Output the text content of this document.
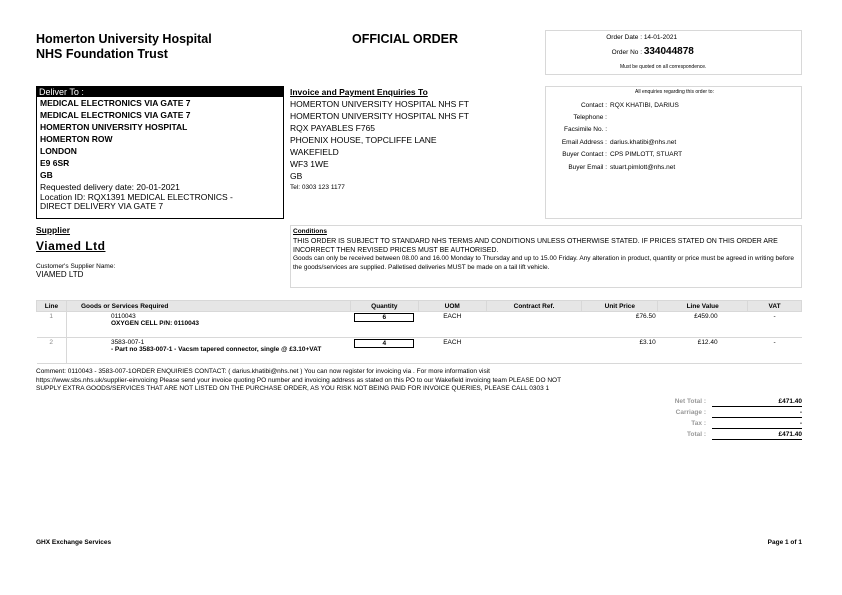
Homerton University Hospital
NHS Foundation Trust
OFFICIAL ORDER	Order Date : 14-01-2021
Order No : 334044878
Must be quoted on all correspondence.
Deliver To :
MEDICAL ELECTRONICS VIA GATE 7
MEDICAL ELECTRONICS VIA GATE 7
HOMERTON UNIVERSITY HOSPITAL
HOMERTON ROW
LONDON
E9 6SR
GB
Requested delivery date: 20-01-2021
Location ID: RQX1391 MEDICAL ELECTRONICS -
DIRECT DELIVERY VIA GATE 7
Invoice and Payment Enquiries To
HOMERTON UNIVERSITY HOSPITAL NHS FT
HOMERTON UNIVERSITY HOSPITAL NHS FT
RQX PAYABLES F765
PHOENIX HOUSE, TOPCLIFFE LANE
WAKEFIELD
WF3 1WE
GB
Tel: 0303 123 1177
All enquiries regarding this order to:
Contact : RQX KHATIBI, DARIUS
Telephone :
Facsimile No. :
Email Address : darius.khatibi@nhs.net
Buyer Contact : CPS PIMLOTT, STUART
Buyer Email : stuart.pimlott@nhs.net
Supplier
Viamed Ltd
Customer's Supplier Name:
VIAMED LTD
Conditions
THIS ORDER IS SUBJECT TO STANDARD NHS TERMS AND CONDITIONS UNLESS OTHERWISE STATED. IF PRICES STATED ON THIS ORDER ARE INCORRECT THEN REVISED PRICES MUST BE AUTHORISED.
Goods can only be received between 08.00 and 16.00 Monday to Thursday and up to 15.00 Friday. Any alteration in product, quantity or price must be agreed in writing before the goods/services are supplied. Palletised deliveries MUST be made on a tail lift vehicle.
Line	Goods or Services Required	Quantity	UOM	Contract Ref.	Unit Price	Line Value	VAT
1	0110043
OXYGEN CELL P/N: 0110043	6	EACH		£76.50	£459.00	-
2	3583-007-1
- Part no 3583-007-1 - Vacsm tapered connector, single @ £3.10+VAT	4	EACH		£3.10	£12.40	-
Comment: 0110043 - 3583-007-1ORDER ENQUIRIES CONTACT: ( darius.khatibi@nhs.net ) You can now register for invoicing via . For more information visit
https://www.sbs.nhs.uk/supplier-einvoicing Please send your invoice quoting PO number and invoicing address as stated on this PO to our Wakefield invoicing team PLEASE DO NOT
SUPPLY EXTRA GOODS/SERVICES THAT ARE NOT LISTED ON THE PURCHASE ORDER, AS YOU RISK NOT BEING PAID FOR INVOICE QUERIES, PLEASE CALL 0303 1
Net Total :	£471.40
Carriage :	-
Tax :	-
Total :	£471.40
GHX Exchange Services	Page 1 of 1
